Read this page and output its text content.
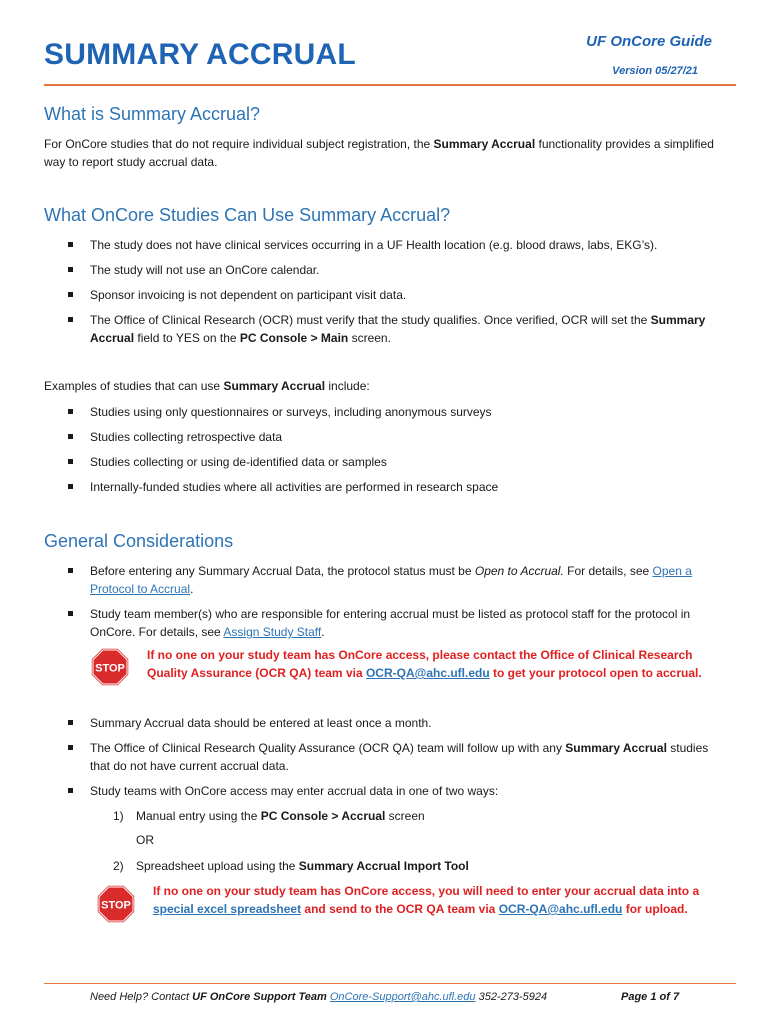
SUMMARY ACCRUAL	UF OnCore Guide
Version 05/27/21
What is Summary Accrual?

For OnCore studies that do not require individual subject registration, the Summary Accrual functionality provides a simplified way to report study accrual data.

What OnCore Studies Can Use Summary Accrual?
The study does not have clinical services occurring in a UF Health location (e.g. blood draws, labs, EKG’s).
The study will not use an OnCore calendar.
Sponsor invoicing is not dependent on participant visit data.
The Office of Clinical Research (OCR) must verify that the study qualifies. Once verified, OCR will set the Summary Accrual field to YES on the PC Console > Main screen.

Examples of studies that can use Summary Accrual include:

Studies using only questionnaires or surveys, including anonymous surveys
Studies collecting retrospective data
Studies collecting or using de-identified data or samples
Internally-funded studies where all activities are performed in research space
General Considerations
Before entering any Summary Accrual Data, the protocol status must be Open to Accrual. For details, see Open a Protocol to Accrual.
Study team member(s) who are responsible for entering accrual must be listed as protocol staff for the protocol in OnCore. For details, see Assign Study Staff.
STOP
If no one on your study team has OnCore access, please contact the Office of Clinical Research Quality Assurance (OCR QA) team via OCR-QA@ahc.ufl.edu to get your protocol open to accrual.
Summary Accrual data should be entered at least once a month.
The Office of Clinical Research Quality Assurance (OCR QA) team will follow up with any Summary Accrual studies that do not have current accrual data.
Study teams with OnCore access may enter accrual data in one of two ways:
1) Manual entry using the PC Console > Accrual screen
OR
2) Spreadsheet upload using the Summary Accrual Import Tool
STOP
If no one on your study team has OnCore access, you will need to enter your accrual data into a special excel spreadsheet and send to the OCR QA team via OCR-QA@ahc.ufl.edu for upload.
Need Help? Contact UF OnCore Support Team OnCore-Support@ahc.ufl.edu 352-273-5924	Page 1 of 7
